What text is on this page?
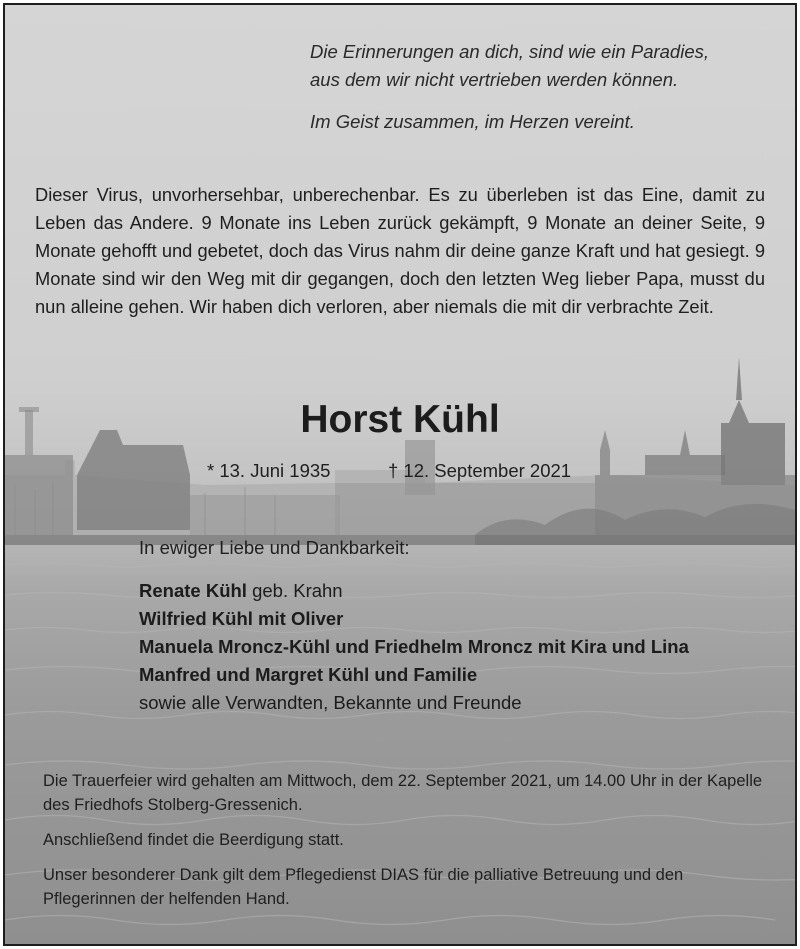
Die Erinnerungen an dich, sind wie ein Paradies,
aus dem wir nicht vertrieben werden können.
Im Geist zusammen, im Herzen vereint.

Dieser Virus, unvorhersehbar, unberechenbar. Es zu überleben ist das Eine, damit zu Leben das Andere. 9 Monate ins Leben zurück gekämpft, 9 Monate an deiner Seite, 9 Monate gehofft und gebetet, doch das Virus nahm dir deine ganze Kraft und hat gesiegt. 9 Monate sind wir den Weg mit dir gegangen, doch den letzten Weg lieber Papa, musst du nun alleine gehen. Wir haben dich verloren, aber niemals die mit dir verbrachte Zeit.

Horst Kühl
* 13. Juni 1935	† 12. September 2021
In ewiger Liebe und Dankbarkeit:
Renate Kühl geb. Krahn
Wilfried Kühl mit Oliver
Manuela Mroncz-Kühl und Friedhelm Mroncz mit Kira und Lina
Manfred und Margret Kühl und Familie
sowie alle Verwandten, Bekannte und Freunde

Die Trauerfeier wird gehalten am Mittwoch, dem 22. September 2021, um 14.00 Uhr in der Kapelle des Friedhofs Stolberg-Gressenich.

Anschließend findet die Beerdigung statt.

Unser besonderer Dank gilt dem Pflegedienst DIAS für die palliative Betreuung und den Pflegerinnen der helfenden Hand.
